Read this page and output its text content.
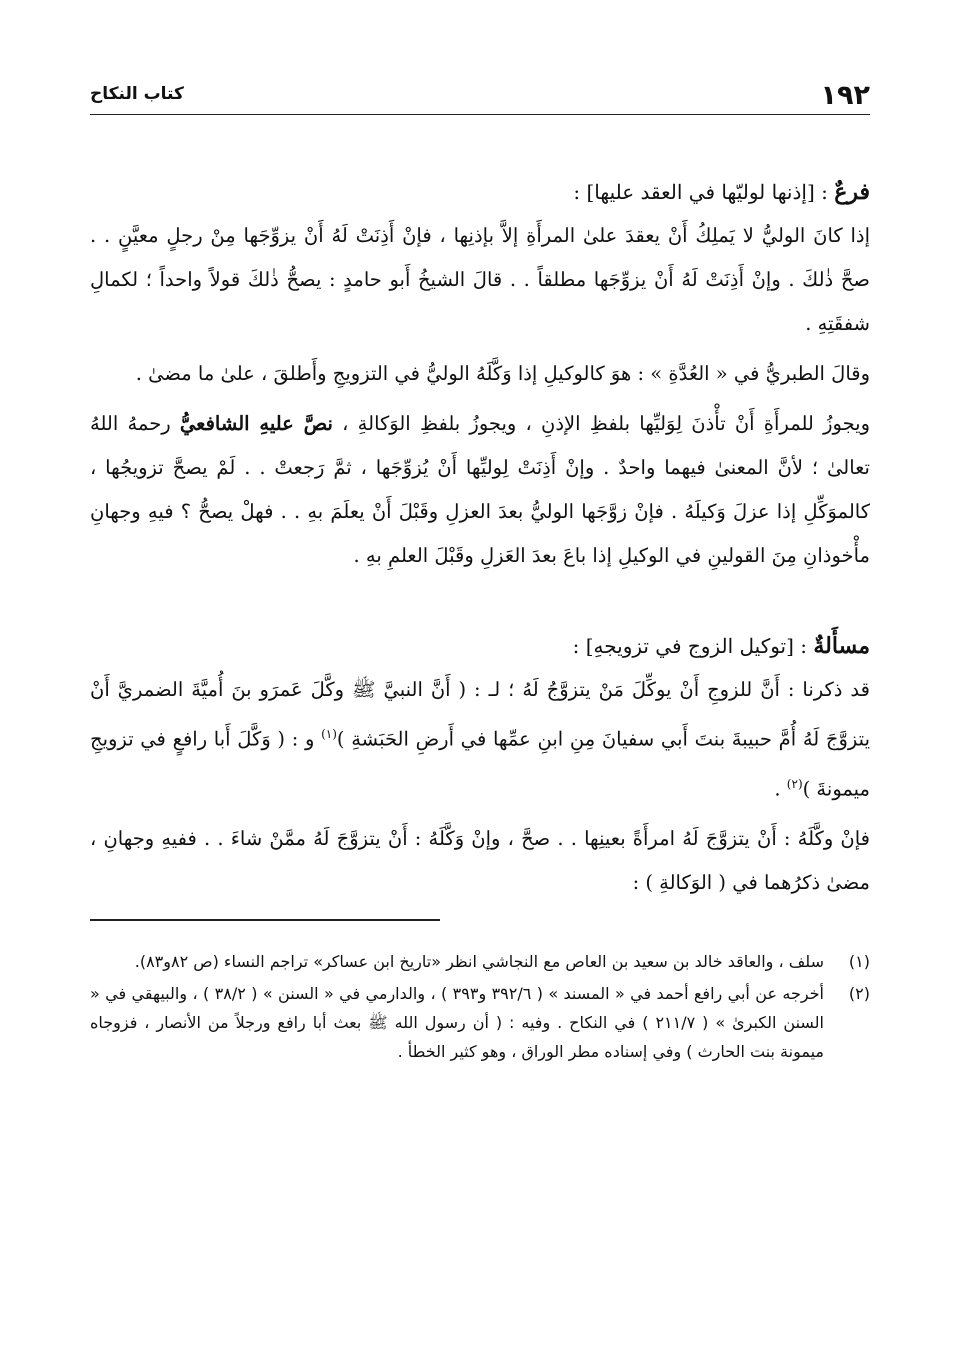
١٩٢
كتاب النكاح
فرعٌ : [إذنها لوليّها في العقد عليها] :

إذا كانَ الوليُّ لا يَملِكُ أَنْ يعقدَ علىٰ المرأَةِ إلاَّ بإذنِها ، فإنْ أَذِنَتْ لَهُ أَنْ يزوِّجَها مِنْ رجلٍ معيَّنٍ . . صحَّ ذٰلكَ . وإنْ أَذِنَتْ لَهُ أَنْ يزوِّجَها مطلقاً . . قالَ الشيخُ أَبو حامدٍ : يصحُّ ذٰلكَ قولاً واحداً ؛ لكمالِ شفقَتِهِ .

وقالَ الطبريُّ في « العُدَّةِ » : هوَ كالوكيلِ إذا وَكَّلَهُ الوليُّ في التزويجِ وأَطلقَ ، علىٰ ما مضىٰ .

ويجوزُ للمرأَةِ أَنْ تأْذنَ لِوَليِّها بلفظِ الإذنِ ، ويجوزُ بلفظِ الوَكالةِ ، نصَّ عليهِ الشافعيُّ رحمهُ اللهُ تعالىٰ ؛ لأنَّ المعنىٰ فيهما واحدٌ . وإنْ أَذِنَتْ لِوليِّها أَنْ يُزوِّجَها ، ثمَّ رَجعتْ . . لَمْ يصحَّ تزويجُها ، كالموَكِّلِ إذا عزلَ وَكيلَهُ . فإنْ زوَّجَها الوليُّ بعدَ العزلِ وقَبْلَ أَنْ يعلَمَ بهِ . . فهلْ يصحُّ ؟ فيهِ وجهانِ مأْخوذانِ مِنَ القولينِ في الوكيلِ إذا باعَ بعدَ العَزلِ وقَبْلَ العلمِ بهِ .

مسأَلةٌ : [توكيل الزوج في تزويجهِ] :

قد ذكرنا : أَنَّ للزوجِ أَنْ يوكِّلَ مَنْ يتزوَّجُ لَهُ ؛ لـ : ( أَنَّ النبيَّ ﷺ وكَّلَ عَمرَو بنَ أُميَّةَ الضمريَّ أَنْ يتزوَّجَ لَهُ أُمَّ حبيبةَ بنتَ أَبي سفيانَ مِنِ ابنِ عمِّها في أَرضِ الحَبَشةِ )$^{(١)}$ و : ( وَكَّلَ أَبا رافعٍ في تزويجِ ميمونةَ )$^{(٢)}$ .

فإنْ وكَّلَهُ : أَنْ يتزوَّجَ لَهُ امرأَةً بعينِها . . صحَّ ، وإنْ وَكَّلَهُ : أَنْ يتزوَّجَ لَهُ ممَّنْ شاءَ . . ففيهِ وجهانِ ، مضىٰ ذكرُهما في ( الوَكالةِ ) :

(١)
سلف ، والعاقد خالد بن سعيد بن العاص مع النجاشي انظر «تاريخ ابن عساكر» تراجم النساء (ص ٨٢و٨٣).
(٢)
أخرجه عن أبي رافع أحمد في « المسند » ( ٣٩٢/٦ و٣٩٣ ) ، والدارمي في « السنن » ( ٣٨/٢ ) ، والبيهقي في « السنن الكبرىٰ » ( ٢١١/٧ ) في النكاح . وفيه : ( أن رسول الله ﷺ بعث أبا رافع ورجلاً من الأنصار ، فزوجاه ميمونة بنت الحارث ) وفي إسناده مطر الوراق ، وهو كثير الخطأ .
